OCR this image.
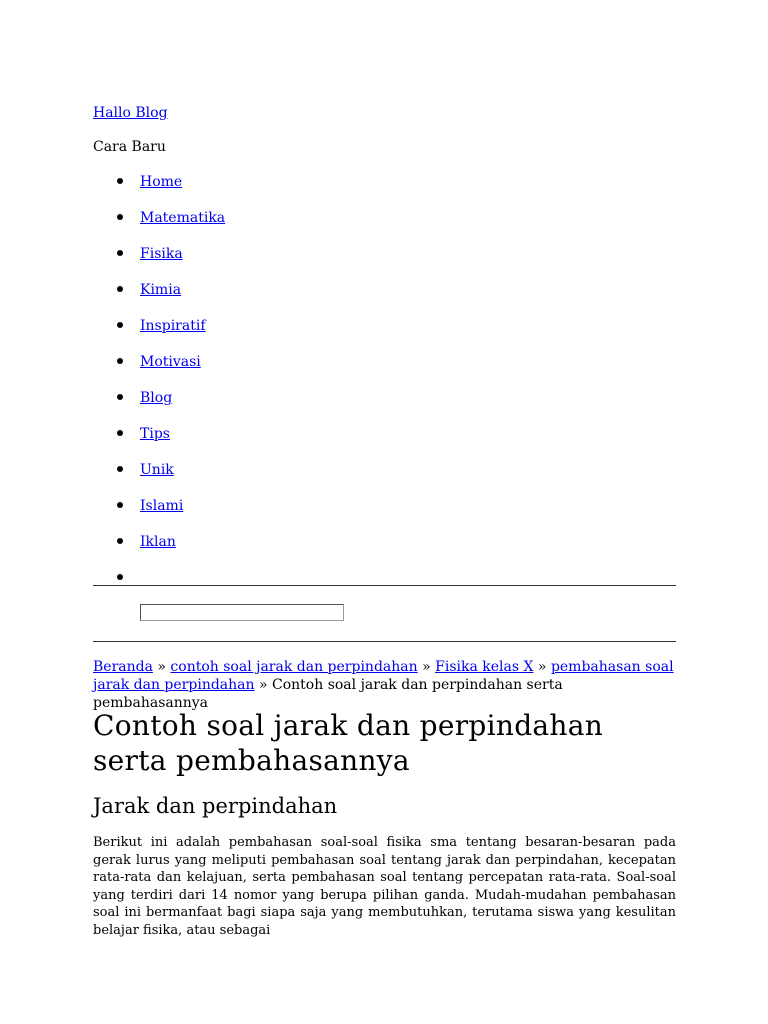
Hallo Blog
Cara Baru
Home
Matematika
Fisika
Kimia
Inspiratif
Motivasi
Blog
Tips
Unik
Islami
Iklan
Beranda » contoh soal jarak dan perpindahan » Fisika kelas X » pembahasan soal jarak dan perpindahan » Contoh soal jarak dan perpindahan serta pembahasannya
Contoh soal jarak dan perpindahan serta pembahasannya
Jarak dan perpindahan

Berikut ini adalah pembahasan soal-soal fisika sma tentang besaran-besaran pada gerak lurus yang meliputi pembahasan soal tentang jarak dan perpindahan, kecepatan rata-rata dan kelajuan, serta pembahasan soal tentang percepatan rata-rata. Soal-soal yang terdiri dari 14 nomor yang berupa pilihan ganda. Mudah-mudahan pembahasan soal ini bermanfaat bagi siapa saja yang membutuhkan, terutama siswa yang kesulitan belajar fisika, atau sebagai
